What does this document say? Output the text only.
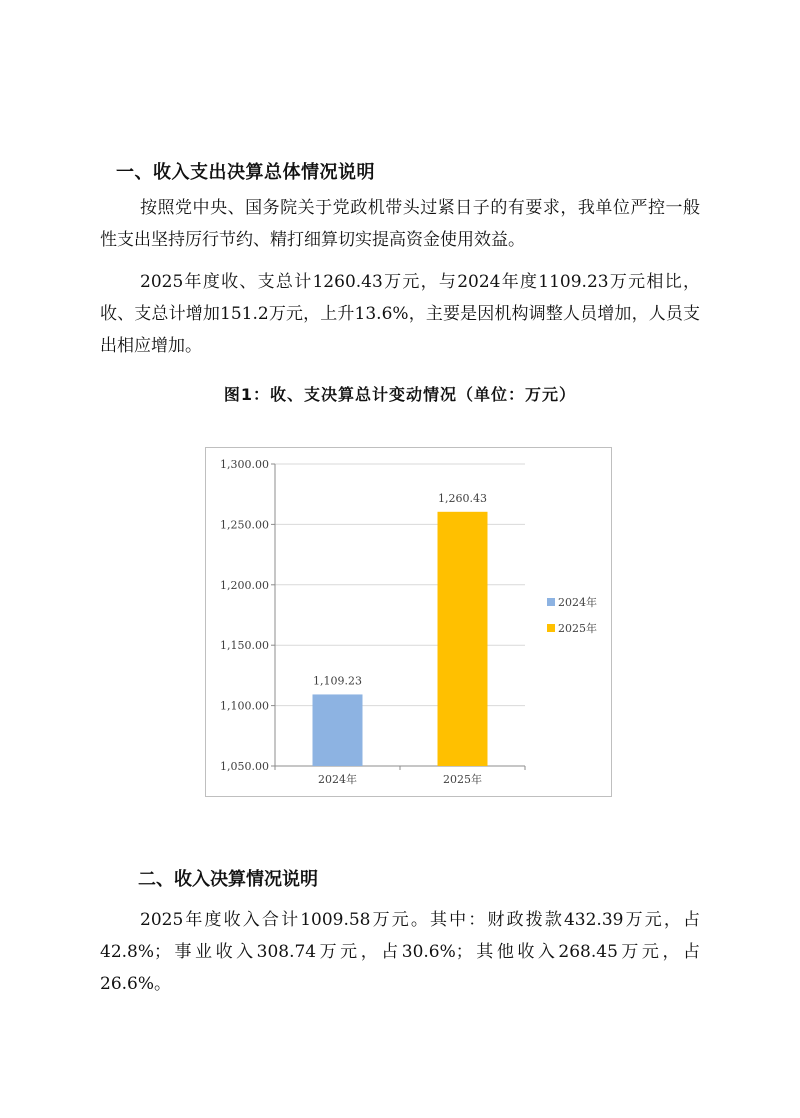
一、收入支出决算总体情况说明
按照党中央、国务院关于党政机带头过紧日子的有要求，我单位严控一般性支出坚持厉行节约、精打细算切实提高资金使用效益。
2025年度收、支总计1260.43万元，与2024年度1109.23万元相比，收、支总计增加151.2万元，上升13.6%，主要是因机构调整人员增加，人员支出相应增加。
图1：收、支决算总计变动情况（单位：万元）
1,050.00
1,100.00
1,150.00
1,200.00
1,250.00
1,300.00
1,109.23
2024年
1,260.43
2025年
2024年
2025年
二、收入决算情况说明
2025年度收入合计1009.58万元。其中：财政拨款432.39万元，占42.8%；事业收入308.74万元，占30.6%；其他收入268.45万元，占26.6%。
